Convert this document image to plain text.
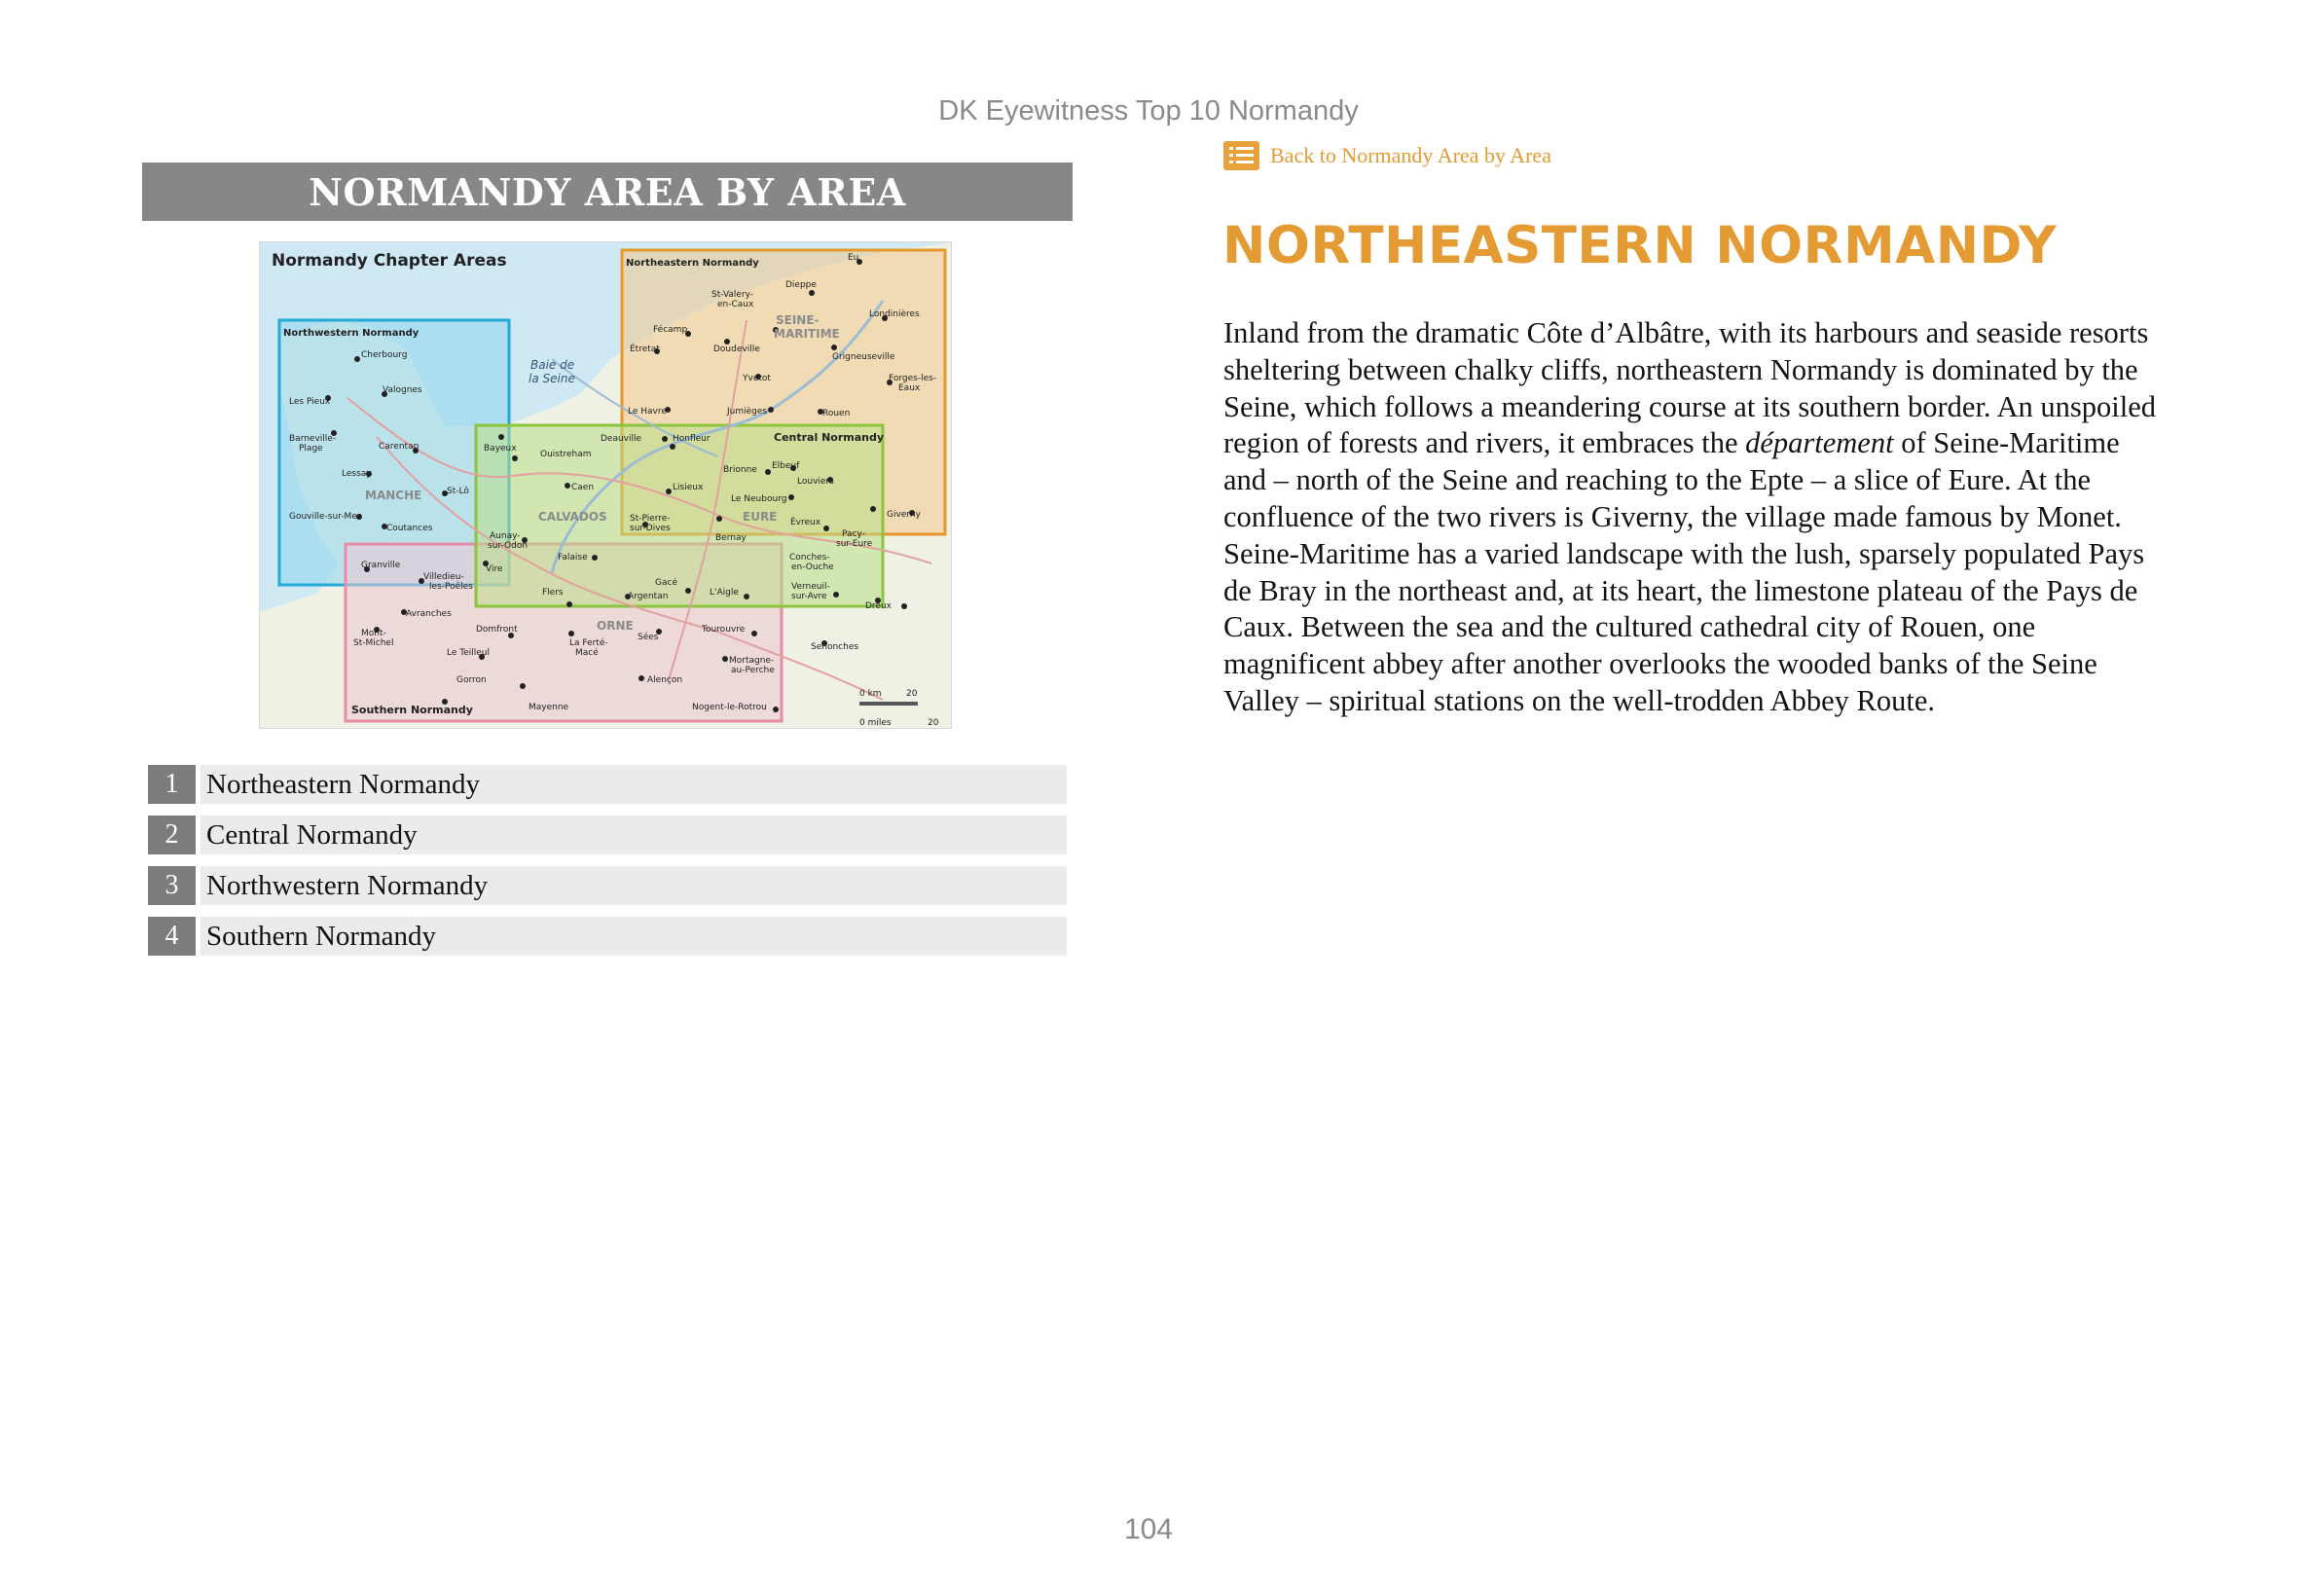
DK Eyewitness Top 10 Normandy
NORMANDY AREA BY AREA
Normandy Chapter Areas	Northeastern Normandy
Northwestern Normandy
Central Normandy
Southern Normandy
Baie de
la Seine
SEINE-
MARITIME
MANCHE
CALVADOS	EURE
ORNE
Eu
Dieppe
St-Valery-
en-Caux
Londinières
Fécamp
Étretat	Doudeville
Grigneuseville
Forges-les-
Eaux
Yvetot
Le Havre	Jumièges	Rouen
Cherbourg
Valognes
Les Pieux
Barneville-
Plage	Carentan
Lessay
St-Lô
Gouville-sur-Mer
Coutances
Bayeux
Ouistreham
Deauville	Honfleur
Caen	Lisieux
Brionne Elbeuf
Louviers
Le Neubourg
Évreux
Pacy-
sur-Eure
Giverny
Aunay-
sur-Odon
St-Pierre-
sur-Dives
Bernay
Vire
Falaise
Granville
Villedieu-
les-Poêles
Flers	Argentan
Gacé
L'Aigle
Conches-
en-Ouche
Verneuil-
sur-Avre
Dreux
Avranches
Mont-
St-Michel
Domfront
La Ferté-
Macé
Sées
Tourouvre
Senonches
Le Teilleul
Mortagne-
au-Perche
Gorron	Alençon
Mayenne	Nogent-le-Rotrou
0 km
0 miles
20
20
1 Northeastern Normandy
2 Central Normandy
3 Northwestern Normandy
4 Southern Normandy
Back to Normandy Area by Area
NORTHEASTERN NORMANDY
Inland from the dramatic Côte d’Albâtre, with its harbours and seaside resorts sheltering between chalky cliffs, northeastern Normandy is dominated by the Seine, which follows a meandering course at its southern border. An unspoiled region of forests and rivers, it embraces the département of Seine-Maritime and – north of the Seine and reaching to the Epte – a slice of Eure. At the confluence of the two rivers is Giverny, the village made famous by Monet. Seine-Maritime has a varied landscape with the lush, sparsely populated Pays de Bray in the northeast and, at its heart, the limestone plateau of the Pays de Caux. Between the sea and the cultured cathedral city of Rouen, one magnificent abbey after another overlooks the wooded banks of the Seine Valley – spiritual stations on the well-trodden Abbey Route.
104
